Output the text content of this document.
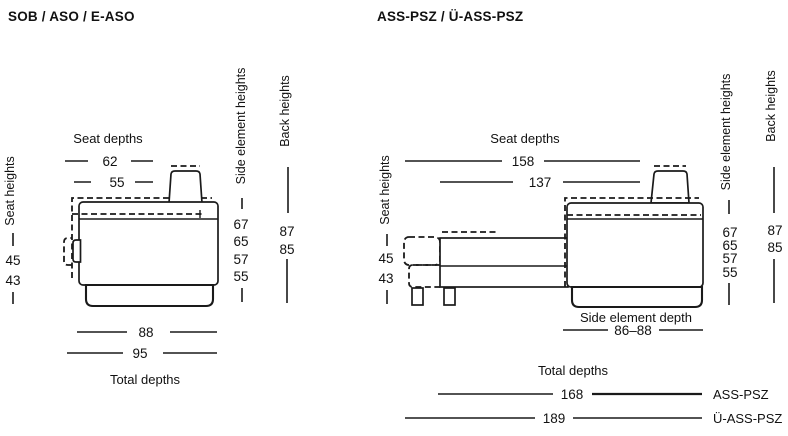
SOB / ASO / E-ASO
Seat depths
62
55
Seat heights
45
43
Side element heights
67
65
57
55
Back heights
87
85
88
95
Total depths
ASS-PSZ / Ü-ASS-PSZ
Seat depths
158
137
Seat heights
45
43
Side element heights
67
65
57
55
Back heights
87
85
Side element depth
86–88
Total depths
168	ASS-PSZ
189	Ü-ASS-PSZ
